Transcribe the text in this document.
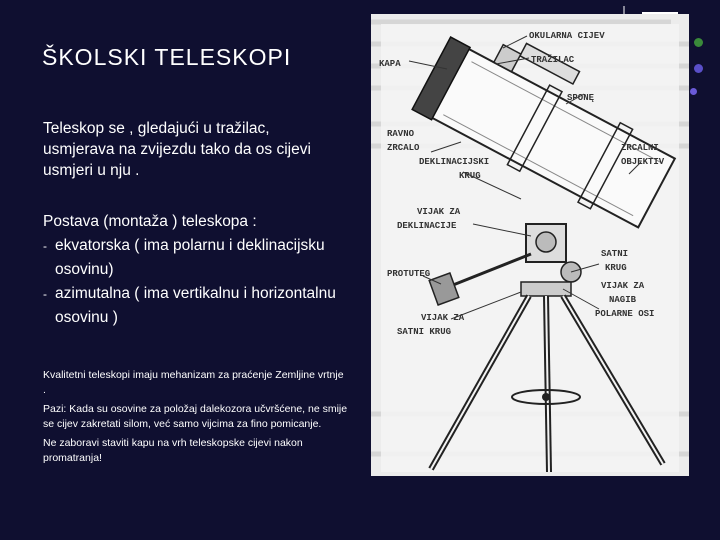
ŠKOLSKI TELESKOPI
Teleskop se , gledajući u tražilac, usmjerava na zvijezdu tako da os cijevi usmjeri u nju .
Postava (montaža ) teleskopa :
- ekvatorska ( ima polarnu i deklinacijsku osovinu)
- azimutalna ( ima vertikalnu i horizontalnu osovinu )

Kvalitetni teleskopi imaju mehanizam za praćenje Zemljine vrtnje .

Pazi: Kada su osovine za položaj dalekozora učvršćene, ne smije se cijev zakretati silom, već samo vijcima za fino pomicanje.

Ne zaboravi staviti kapu na vrh teleskopske cijevi nakon promatranja!

KAPA
OKULARNA CIJEV
TRAŽILAC
SPONĘ
RAVNO
ZRCALO
DEKLINACIJSKI
KRUG
ZRCALNI
OBJEKTIV
VIJAK ZA
DEKLINACIJE
PROTUTEG
SATNI
KRUG
VIJAK ZA
NAGIB
POLARNE OSI
VIJAK ZA
SATNI KRUG
